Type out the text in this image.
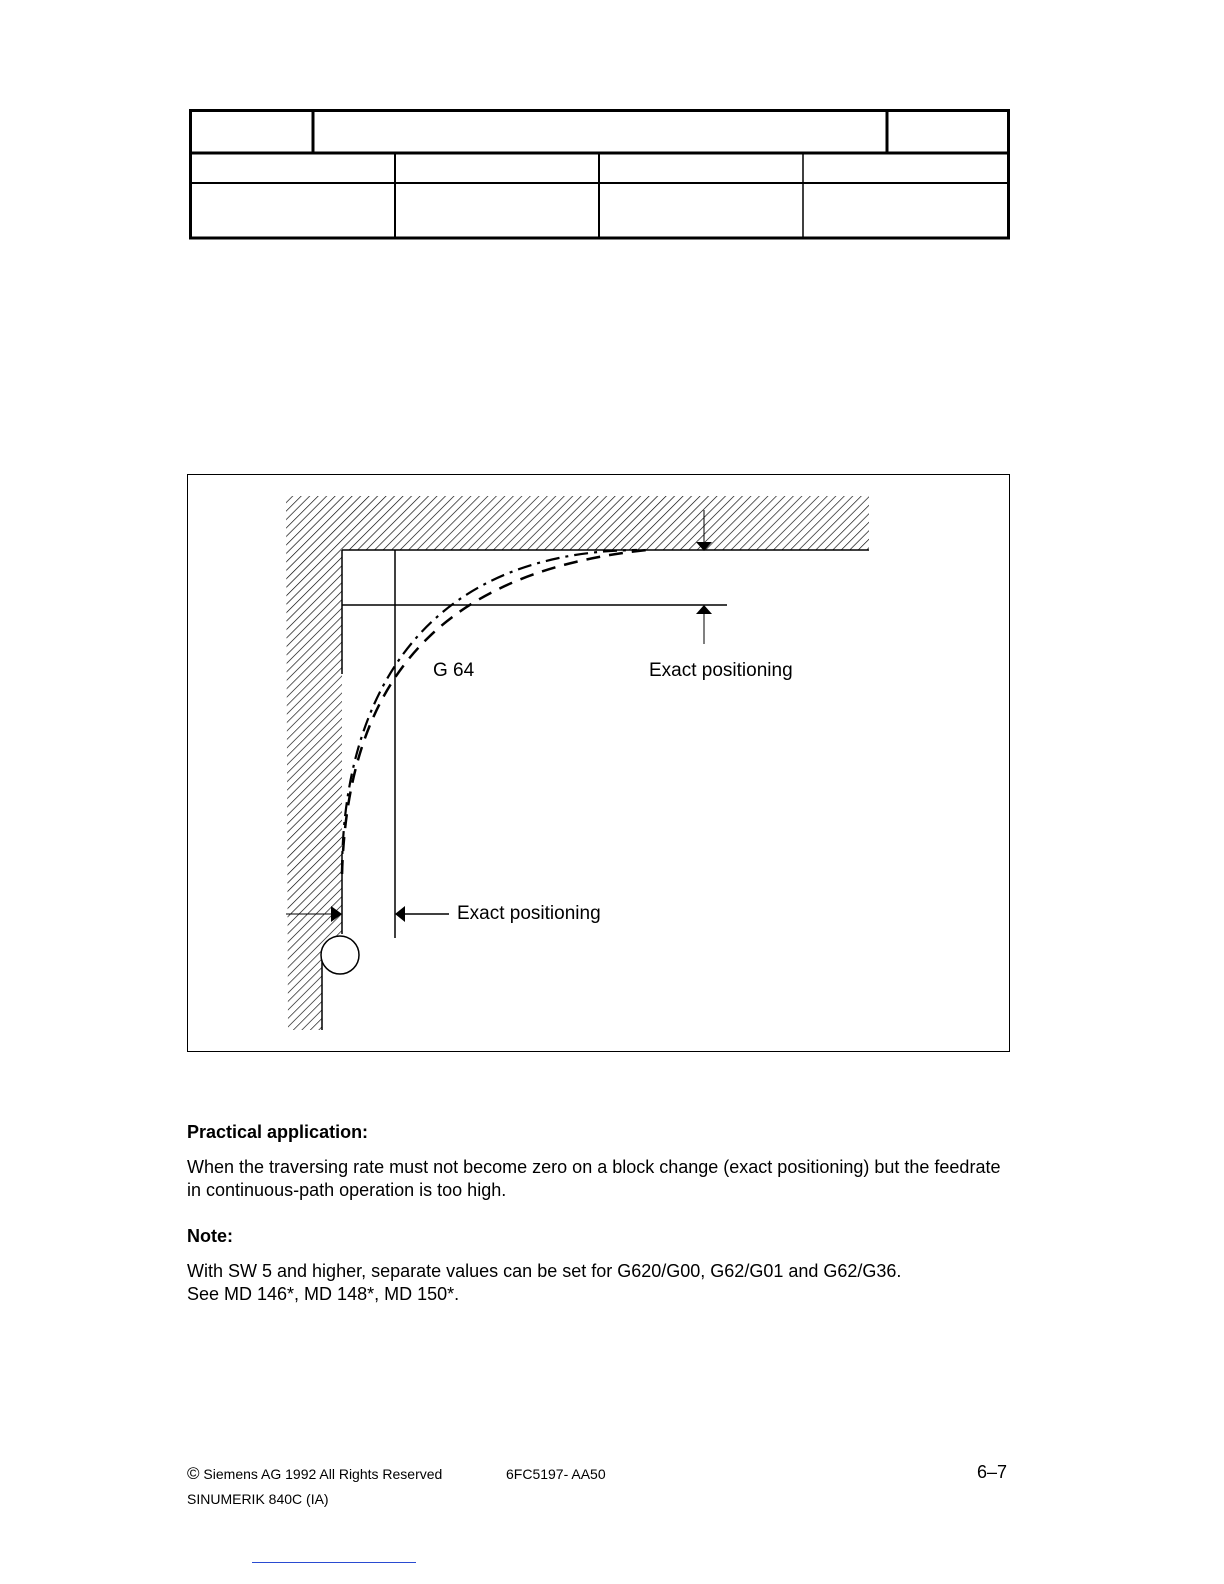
G 64	Exact positioning
Exact positioning

Practical application:

When the traversing rate must not become zero on a block change (exact positioning) but the feedrate in continuous-path operation is too high.

Note:

With SW 5 and higher, separate values can be set for G620/G00, G62/G01 and G62/G36.

See MD 146*, MD 148*, MD 150*.

© Siemens AG 1992 All Rights Reserved	6FC5197- AA50	6–7
SINUMERIK 840C (IA)
